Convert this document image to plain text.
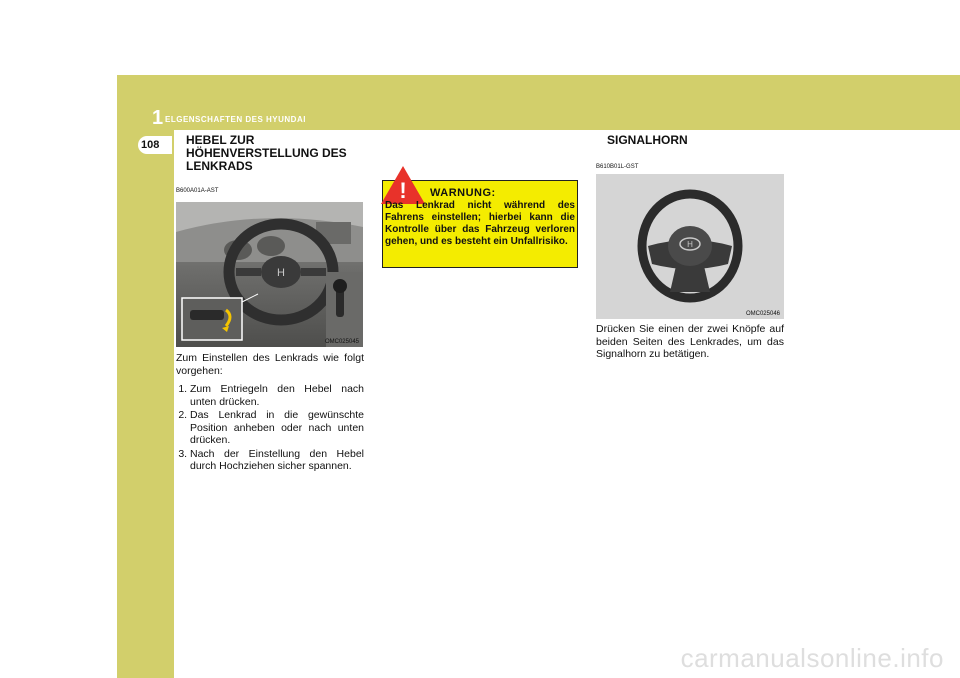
1 ELGENSCHAFTEN DES HYUNDAI
108 HEBEL ZUR HÖHENVERSTELLUNG DES LENKRADS
B600A01A-AST
H
OMC025045
Zum Einstellen des Lenkrads wie folgt vorgehen:
1. Zum Entriegeln den Hebel nach unten drücken.
2. Das Lenkrad in die gewünschte Position anheben oder nach unten drücken.
3. Nach der Einstellung den Hebel durch Hochziehen sicher spannen.
! WARNUNG:
Das Lenkrad nicht während des Fahrens einstellen; hierbei kann die Kontrolle über das Fahrzeug verloren gehen, und es besteht ein Unfallrisiko.
SIGNALHORN
B610B01L-GST
H
OMC025046
Drücken Sie einen der zwei Knöpfe auf beiden Seiten des Lenkrades, um das Signalhorn zu betätigen.
carmanualsonline.info
